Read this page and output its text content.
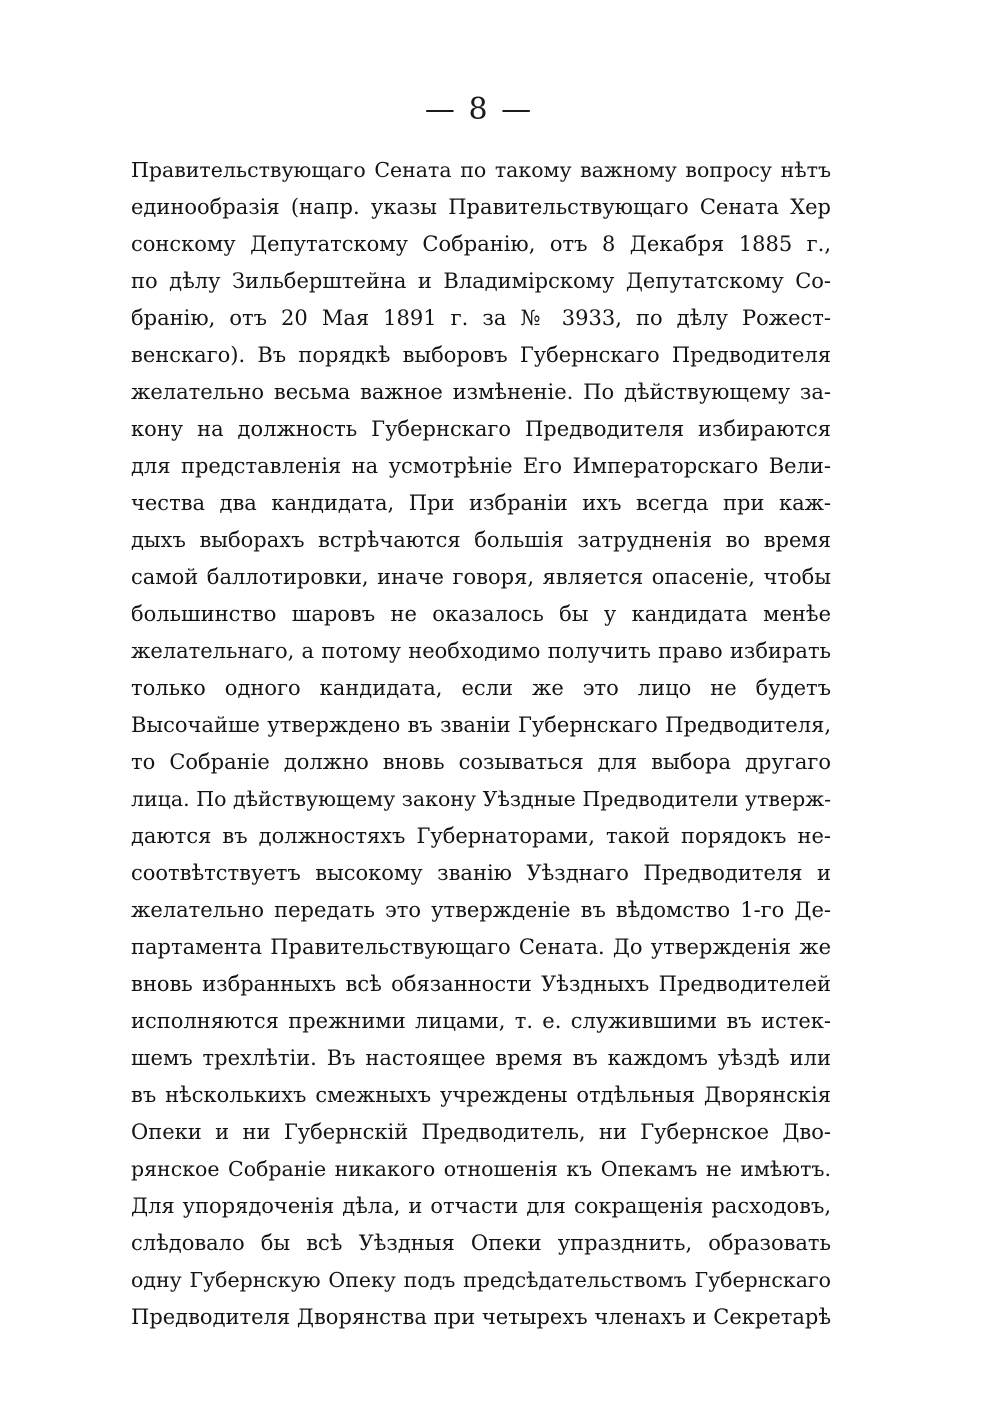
— 8 —
Правительствующаго Сената по такому важному вопросу нѣтъ
единообразія (напр. указы Правительствующаго Сената Хер
сонскому Депутатскому Собранію, отъ 8 Декабря 1885 г.,
по дѣлу Зильберштейна и Владимірскому Депутатскому Со-
бранію, отъ 20 Мая 1891 г. за № 3933, по дѣлу Рожест-
венскаго). Въ порядкѣ выборовъ Губернскаго Предводителя
желательно весьма важное измѣненіе. По дѣйствующему за-
кону на должность Губернскаго Предводителя избираются
для представленія на усмотрѣніе Его Императорскаго Вели-
чества два кандидата, При избраніи ихъ всегда при каж-
дыхъ выборахъ встрѣчаются большія затрудненія во время
самой баллотировки, иначе говоря, является опасеніе, чтобы
большинство шаровъ не оказалось бы у кандидата менѣе
желательнаго, а потому необходимо получить право избирать
только одного кандидата, если же это лицо не будетъ
Высочайше утверждено въ званіи Губернскаго Предводителя,
то Собраніе должно вновь созываться для выбора другаго
лица. По дѣйствующему закону Уѣздные Предводители утверж-
даются въ должностяхъ Губернаторами, такой порядокъ не-
соотвѣтствуетъ высокому званію Уѣзднаго Предводителя и
желательно передать это утвержденіе въ вѣдомство 1-го Де-
партамента Правительствующаго Сената. До утвержденія же
вновь избранныхъ всѣ обязанности Уѣздныхъ Предводителей
исполняются прежними лицами, т. е. служившими въ истек-
шемъ трехлѣтіи. Въ настоящее время въ каждомъ уѣздѣ или
въ нѣсколькихъ смежныхъ учреждены отдѣльныя Дворянскія
Опеки и ни Губернскій Предводитель, ни Губернское Дво-
рянское Собраніе никакого отношенія къ Опекамъ не имѣютъ.
Для упорядоченія дѣла, и отчасти для сокращенія расходовъ,
слѣдовало бы всѣ Уѣздныя Опеки упразднить, образовать
одну Губернскую Опеку подъ предсѣдательствомъ Губернскаго
Предводителя Дворянства при четырехъ членахъ и Секретарѣ
